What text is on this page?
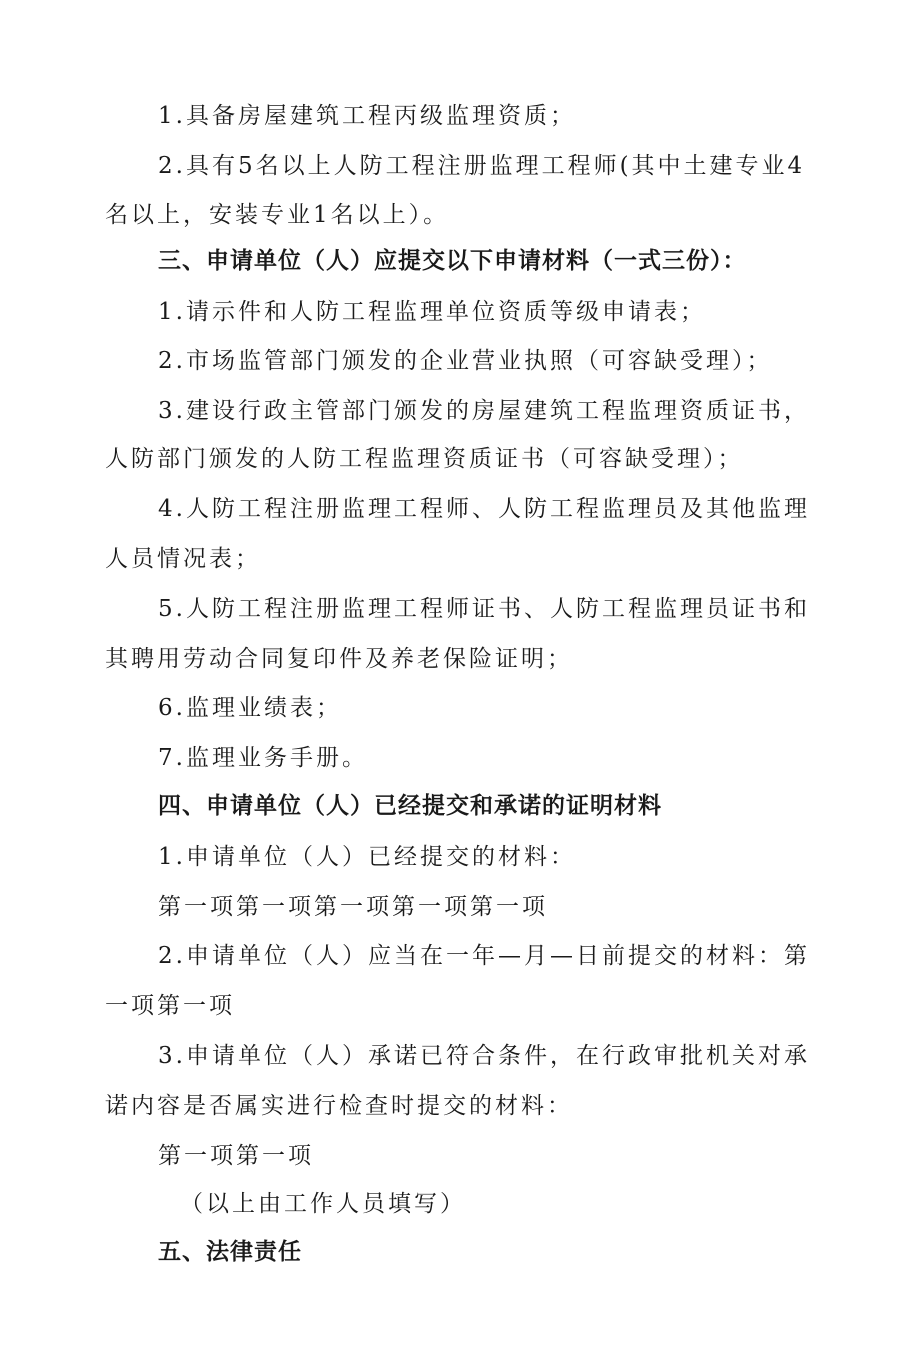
1.具备房屋建筑工程丙级监理资质；
2.具有5名以上人防工程注册监理工程师(其中土建专业4
名以上，安装专业1名以上）。
三、申请单位（人）应提交以下申请材料（一式三份）：
1.请示件和人防工程监理单位资质等级申请表；
2.市场监管部门颁发的企业营业执照（可容缺受理）；
3.建设行政主管部门颁发的房屋建筑工程监理资质证书，
人防部门颁发的人防工程监理资质证书（可容缺受理）；
4.人防工程注册监理工程师、人防工程监理员及其他监理
人员情况表；
5.人防工程注册监理工程师证书、人防工程监理员证书和
其聘用劳动合同复印件及养老保险证明；
6.监理业绩表；
7.监理业务手册。
四、申请单位（人）已经提交和承诺的证明材料
1.申请单位（人）已经提交的材料：
第一项第一项第一项第一项第一项
2.申请单位（人）应当在一年—月—日前提交的材料：第
一项第一项
3.申请单位（人）承诺已符合条件，在行政审批机关对承
诺内容是否属实进行检查时提交的材料：
第一项第一项
（以上由工作人员填写）
五、法律责任
